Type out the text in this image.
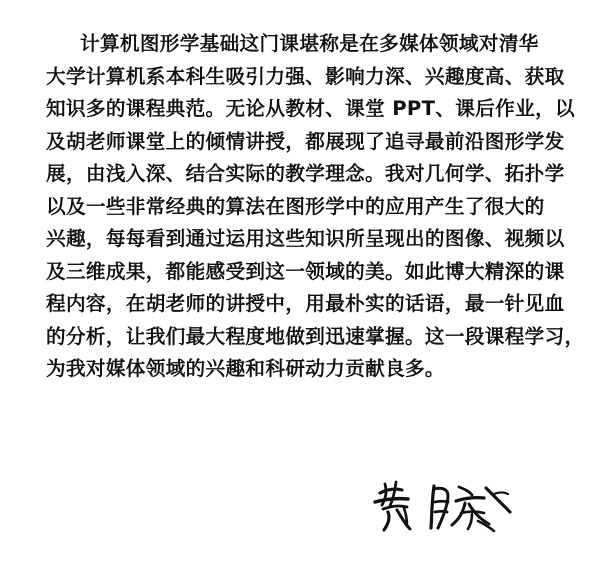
计算机图形学基础这门课堪称是在多媒体领域对清华
大学计算机系本科生吸引力强、影响力深、兴趣度高、获取
知识多的课程典范。无论从教材、课堂 PPT、课后作业，以
及胡老师课堂上的倾情讲授，都展现了追寻最前沿图形学发
展，由浅入深、结合实际的教学理念。我对几何学、拓扑学
以及一些非常经典的算法在图形学中的应用产生了很大的
兴趣，每每看到通过运用这些知识所呈现出的图像、视频以
及三维成果，都能感受到这一领域的美。如此博大精深的课
程内容，在胡老师的讲授中，用最朴实的话语，最一针见血
的分析，让我们最大程度地做到迅速掌握。这一段课程学习，
为我对媒体领域的兴趣和科研动力贡献良多。
